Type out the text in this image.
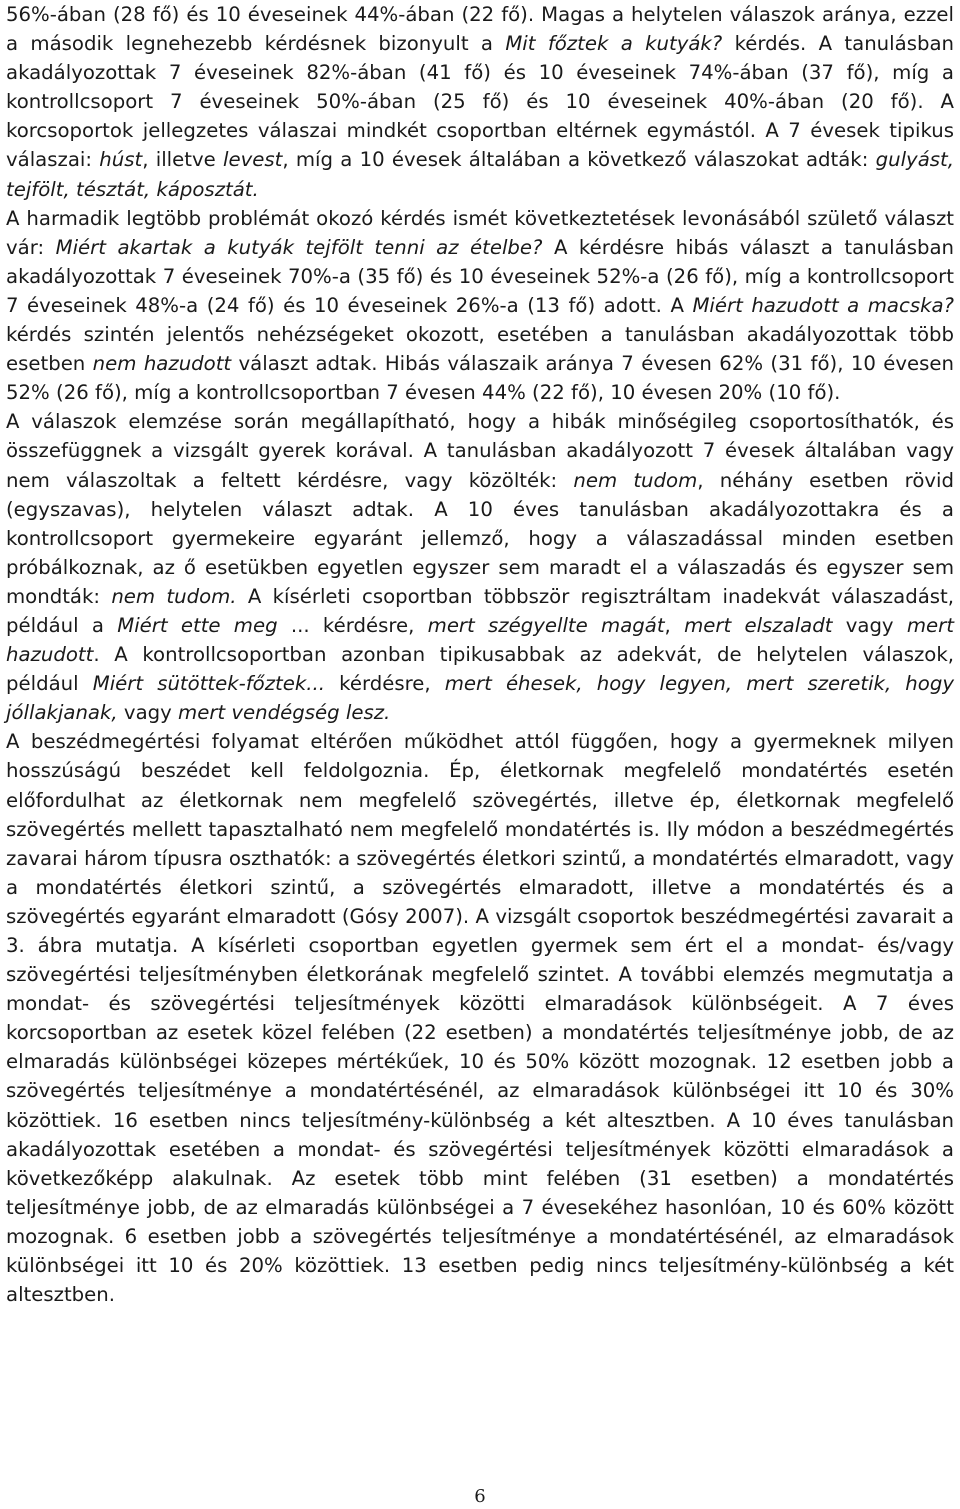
56%-ában (28 fő) és 10 éveseinek 44%-ában (22 fő). Magas a helytelen válaszok aránya, ezzel a második legnehezebb kérdésnek bizonyult a Mit főztek a kutyák? kérdés. A tanulásban akadályozottak 7 éveseinek 82%-ában (41 fő) és 10 éveseinek 74%-ában (37 fő), míg a kontrollcsoport 7 éveseinek 50%-ában (25 fő) és 10 éveseinek 40%-ában (20 fő). A korcsoportok jellegzetes válaszai mindkét csoportban eltérnek egymástól. A 7 évesek tipikus válaszai: húst, illetve levest, míg a 10 évesek általában a következő válaszokat adták: gulyást, tejfölt, tésztát, káposztát.

A harmadik legtöbb problémát okozó kérdés ismét következtetések levonásából születő választ vár: Miért akartak a kutyák tejfölt tenni az ételbe? A kérdésre hibás választ a tanulásban akadályozottak 7 éveseinek 70%-a (35 fő) és 10 éveseinek 52%-a (26 fő), míg a kontrollcsoport 7 éveseinek 48%-a (24 fő) és 10 éveseinek 26%-a (13 fő) adott. A Miért hazudott a macska? kérdés szintén jelentős nehézségeket okozott, esetében a tanulásban akadályozottak több esetben nem hazudott választ adtak. Hibás válaszaik aránya 7 évesen 62% (31 fő), 10 évesen 52% (26 fő), míg a kontrollcsoportban 7 évesen 44% (22 fő), 10 évesen 20% (10 fő).

A válaszok elemzése során megállapítható, hogy a hibák minőségileg csoportosíthatók, és összefüggnek a vizsgált gyerek korával. A tanulásban akadályozott 7 évesek általában vagy nem válaszoltak a feltett kérdésre, vagy közölték: nem tudom, néhány esetben rövid (egyszavas), helytelen választ adtak. A 10 éves tanulásban akadályozottakra és a kontrollcsoport gyermekeire egyaránt jellemző, hogy a válaszadással minden esetben próbálkoznak, az ő esetükben egyetlen egyszer sem maradt el a válaszadás és egyszer sem mondták: nem tudom. A kísérleti csoportban többször regisztráltam inadekvát válaszadást, például a Miért ette meg ... kérdésre, mert szégyellte magát, mert elszaladt vagy mert hazudott. A kontrollcsoportban azonban tipikusabbak az adekvát, de helytelen válaszok, például Miért sütöttek-főztek... kérdésre, mert éhesek, hogy legyen, mert szeretik, hogy jóllakjanak, vagy mert vendégség lesz.

A beszédmegértési folyamat eltérően működhet attól függően, hogy a gyermeknek milyen hosszúságú beszédet kell feldolgoznia. Ép, életkornak megfelelő mondatértés esetén előfordulhat az életkornak nem megfelelő szövegértés, illetve ép, életkornak megfelelő szövegértés mellett tapasztalható nem megfelelő mondatértés is. Ily módon a beszédmegértés zavarai három típusra oszthatók: a szövegértés életkori szintű, a mondatértés elmaradott, vagy a mondatértés életkori szintű, a szövegértés elmaradott, illetve a mondatértés és a szövegértés egyaránt elmaradott (Gósy 2007). A vizsgált csoportok beszédmegértési zavarait a 3. ábra mutatja. A kísérleti csoportban egyetlen gyermek sem ért el a mondat- és/vagy szövegértési teljesítményben életkorának megfelelő szintet. A további elemzés megmutatja a mondat- és szövegértési teljesítmények közötti elmaradások különbségeit. A 7 éves korcsoportban az esetek közel felében (22 esetben) a mondatértés teljesítménye jobb, de az elmaradás különbségei közepes mértékűek, 10 és 50% között mozognak. 12 esetben jobb a szövegértés teljesítménye a mondatértésénél, az elmaradások különbségei itt 10 és 30% közöttiek. 16 esetben nincs teljesítmény-különbség a két altesztben. A 10 éves tanulásban akadályozottak esetében a mondat- és szövegértési teljesítmények közötti elmaradások a következőképp alakulnak. Az esetek több mint felében (31 esetben) a mondatértés teljesítménye jobb, de az elmaradás különbségei a 7 évesekéhez hasonlóan, 10 és 60% között mozognak. 6 esetben jobb a szövegértés teljesítménye a mondatértésénél, az elmaradások különbségei itt 10 és 20% közöttiek. 13 esetben pedig nincs teljesítmény-különbség a két altesztben.

6
